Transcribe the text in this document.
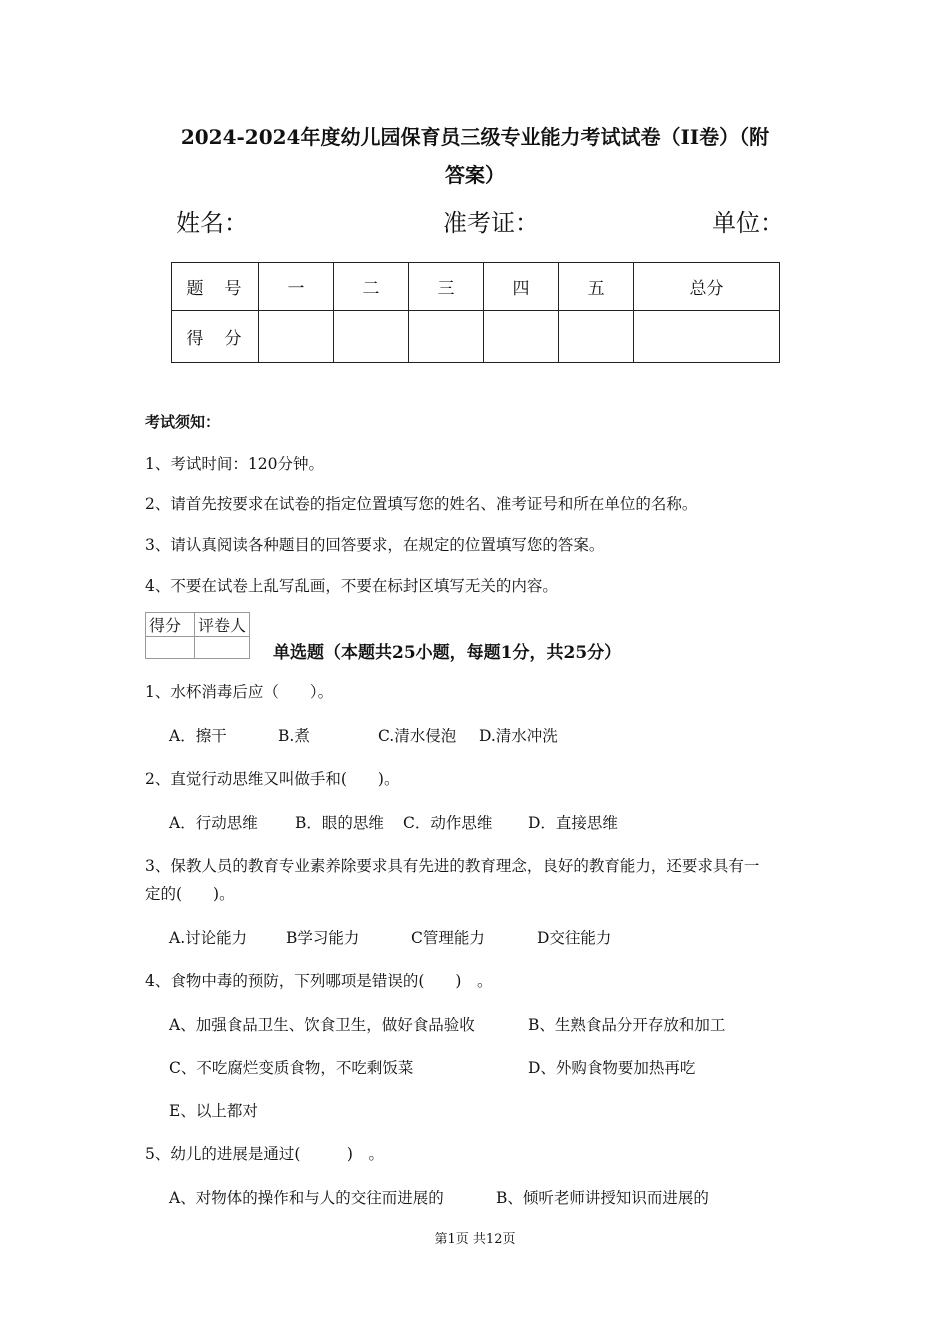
2024-2024年度幼儿园保育员三级专业能力考试试卷（II卷）（附
答案）
姓名：	准考证：	单位：
题　号	一	二	三	四	五	总分
得　分						
考试须知：
1、考试时间：120分钟。
2、请首先按要求在试卷的指定位置填写您的姓名、准考证号和所在单位的名称。
3、请认真阅读各种题目的回答要求，在规定的位置填写您的答案。
4、不要在试卷上乱写乱画，不要在标封区填写无关的内容。
得分	评卷人

单选题（本题共25小题，每题1分，共25分）
1、水杯消毒后应（　　）。
A．擦干	B.煮	C.清水侵泡 D.清水冲洗
2、直觉行动思维又叫做手和(　　)。
A．行动思维 B．眼的思维 C．动作思维 D．直接思维
3、保教人员的教育专业素养除要求具有先进的教育理念，良好的教育能力，还要求具有一
定的(　　)。
A.讨论能力	B学习能力	C管理能力	D交往能力
4、食物中毒的预防，下列哪项是错误的(　　)　。
A、加强食品卫生、饮食卫生，做好食品验收	B、生熟食品分开存放和加工
C、不吃腐烂变质食物，不吃剩饭菜	D、外购食物要加热再吃
E、以上都对
5、幼儿的进展是通过(　　　)　。
A、对物体的操作和与人的交往而进展的	B、倾听老师讲授知识而进展的
第1页 共12页
